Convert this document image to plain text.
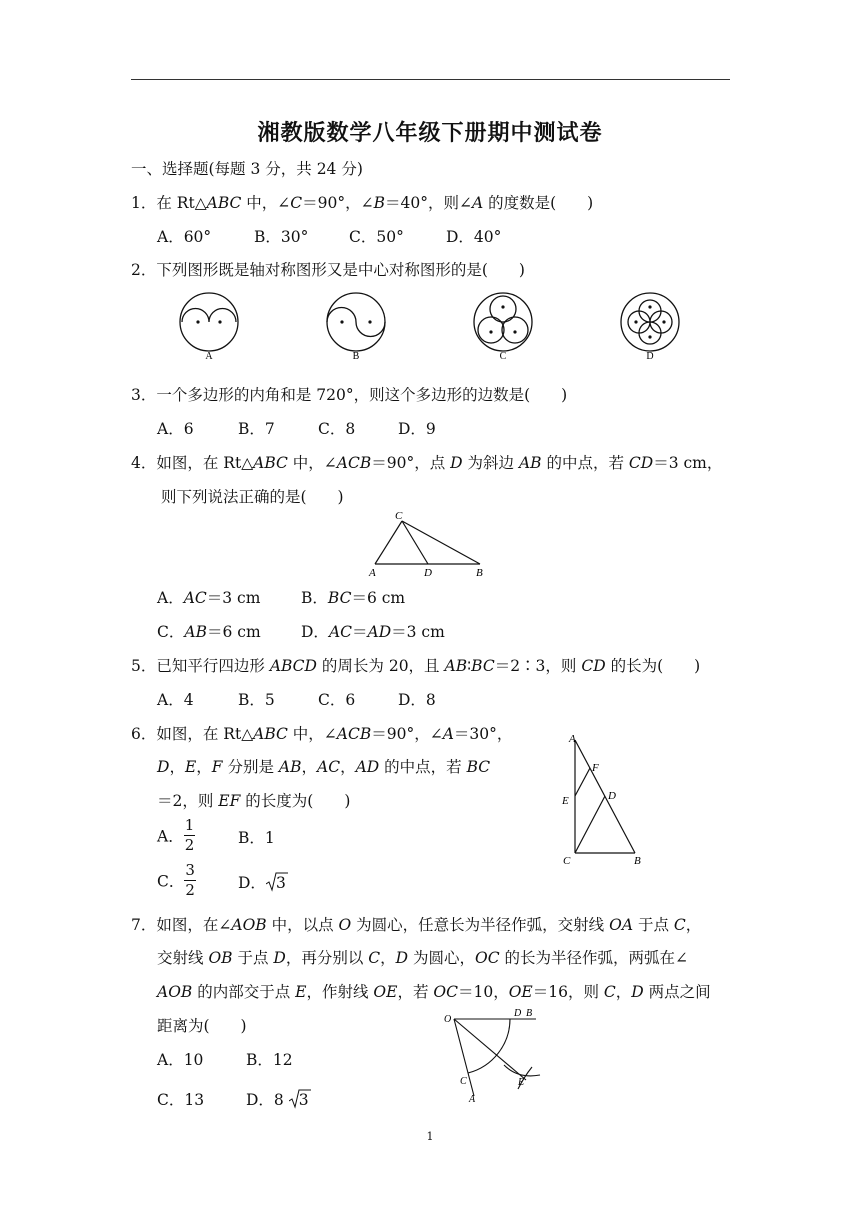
湘教版数学八年级下册期中测试卷
一、选择题(每题 3 分，共 24 分)
1．在 Rt△ABC 中，∠C＝90°，∠B＝40°，则∠A 的度数是(　　)
A．60°	B．30°	C．50°	D．40°
2．下列图形既是轴对称图形又是中心对称图形的是(　　)
A	B	C	D
3．一个多边形的内角和是 720°，则这个多边形的边数是(　　)
A．6	B．7	C．8	D．9
4．如图，在 Rt△ABC 中，∠ACB＝90°，点 D 为斜边 AB 的中点，若 CD＝3 cm，
则下列说法正确的是(　　)
C
A	D	B
A．AC＝3 cm	B．BC＝6 cm
C．AB＝6 cm	D．AC＝AD＝3 cm
5．已知平行四边形 ABCD 的周长为 20，且 AB∶BC＝2∶3，则 CD 的长为(　　)
A．4	B．5	C．6	D．8
6．如图，在 Rt△ABC 中，∠ACB＝90°，∠A＝30°，
D，E，F 分别是 AB，AC，AD 的中点，若 BC
＝2，则 EF 的长度为(　　)
A． $\frac{1}{2}$	B．1
C． $\frac{3}{2}$	D． 3
A
F
E	D
C	B
7．如图，在∠AOB 中，以点 O 为圆心，任意长为半径作弧，交射线 OA 于点 C，
交射线 OB 于点 D，再分别以 C，D 为圆心，OC 的长为半径作弧，两弧在∠
AOB 的内部交于点 E，作射线 OE，若 OC＝10，OE＝16，则 C，D 两点之间
距离为(　　)
A．10	B．12
C．13	D．8 3
O
D B
C	E
A
1
